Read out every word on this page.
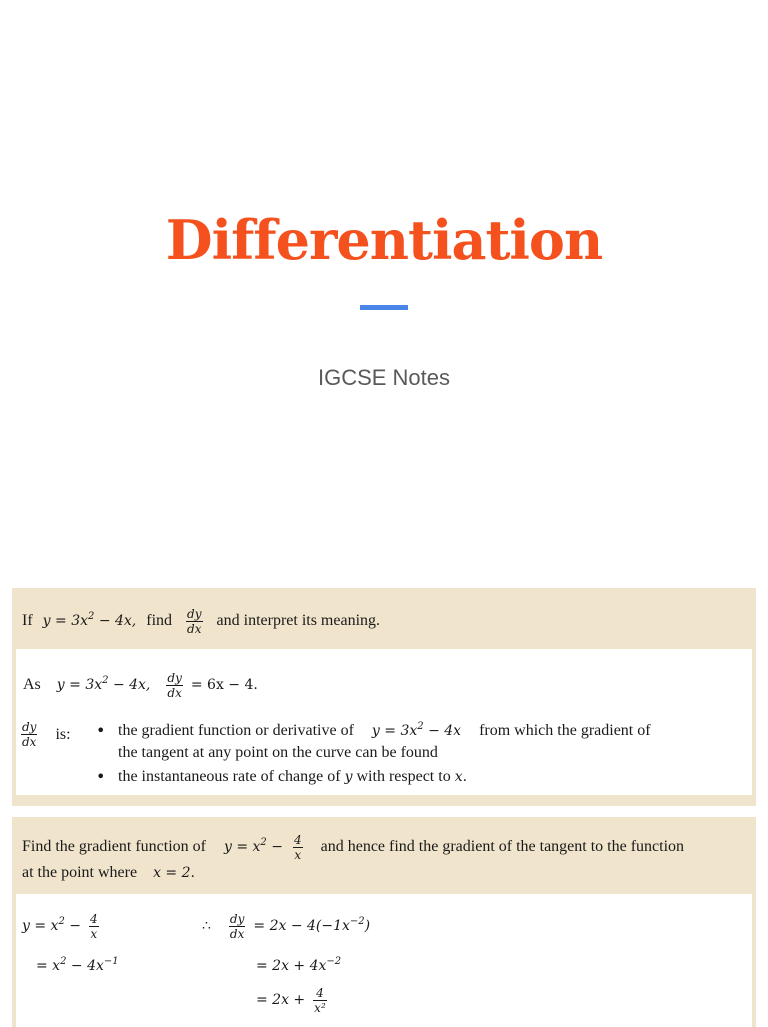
Differentiation
IGCSE Notes
If $y = 3x^2 - 4x$, find $\frac{dy}{dx}$ and interpret its meaning.
As $y = 3x^2 - 4x$, $\frac{dy}{dx} = 6x - 4$.
$\frac{dy}{dx}$ is: • the gradient function or derivative of $y = 3x^2 - 4x$ from which the gradient of
the tangent at any point on the curve can be found
• the instantaneous rate of change of y with respect to x.
Find the gradient function of $y = x^2 - \frac{4}{x}$ and hence find the gradient of the tangent to the function
at the point where x = 2.
$y = x^2 - \frac{4}{x}$
= $x^2 - 4x^{-1}$
∴ $\frac{dy}{dx} = 2x - 4(-1x^{-2})$
= $2x + 4x^{-2}$
= $2x + \frac{4}{\text{x²}}$
